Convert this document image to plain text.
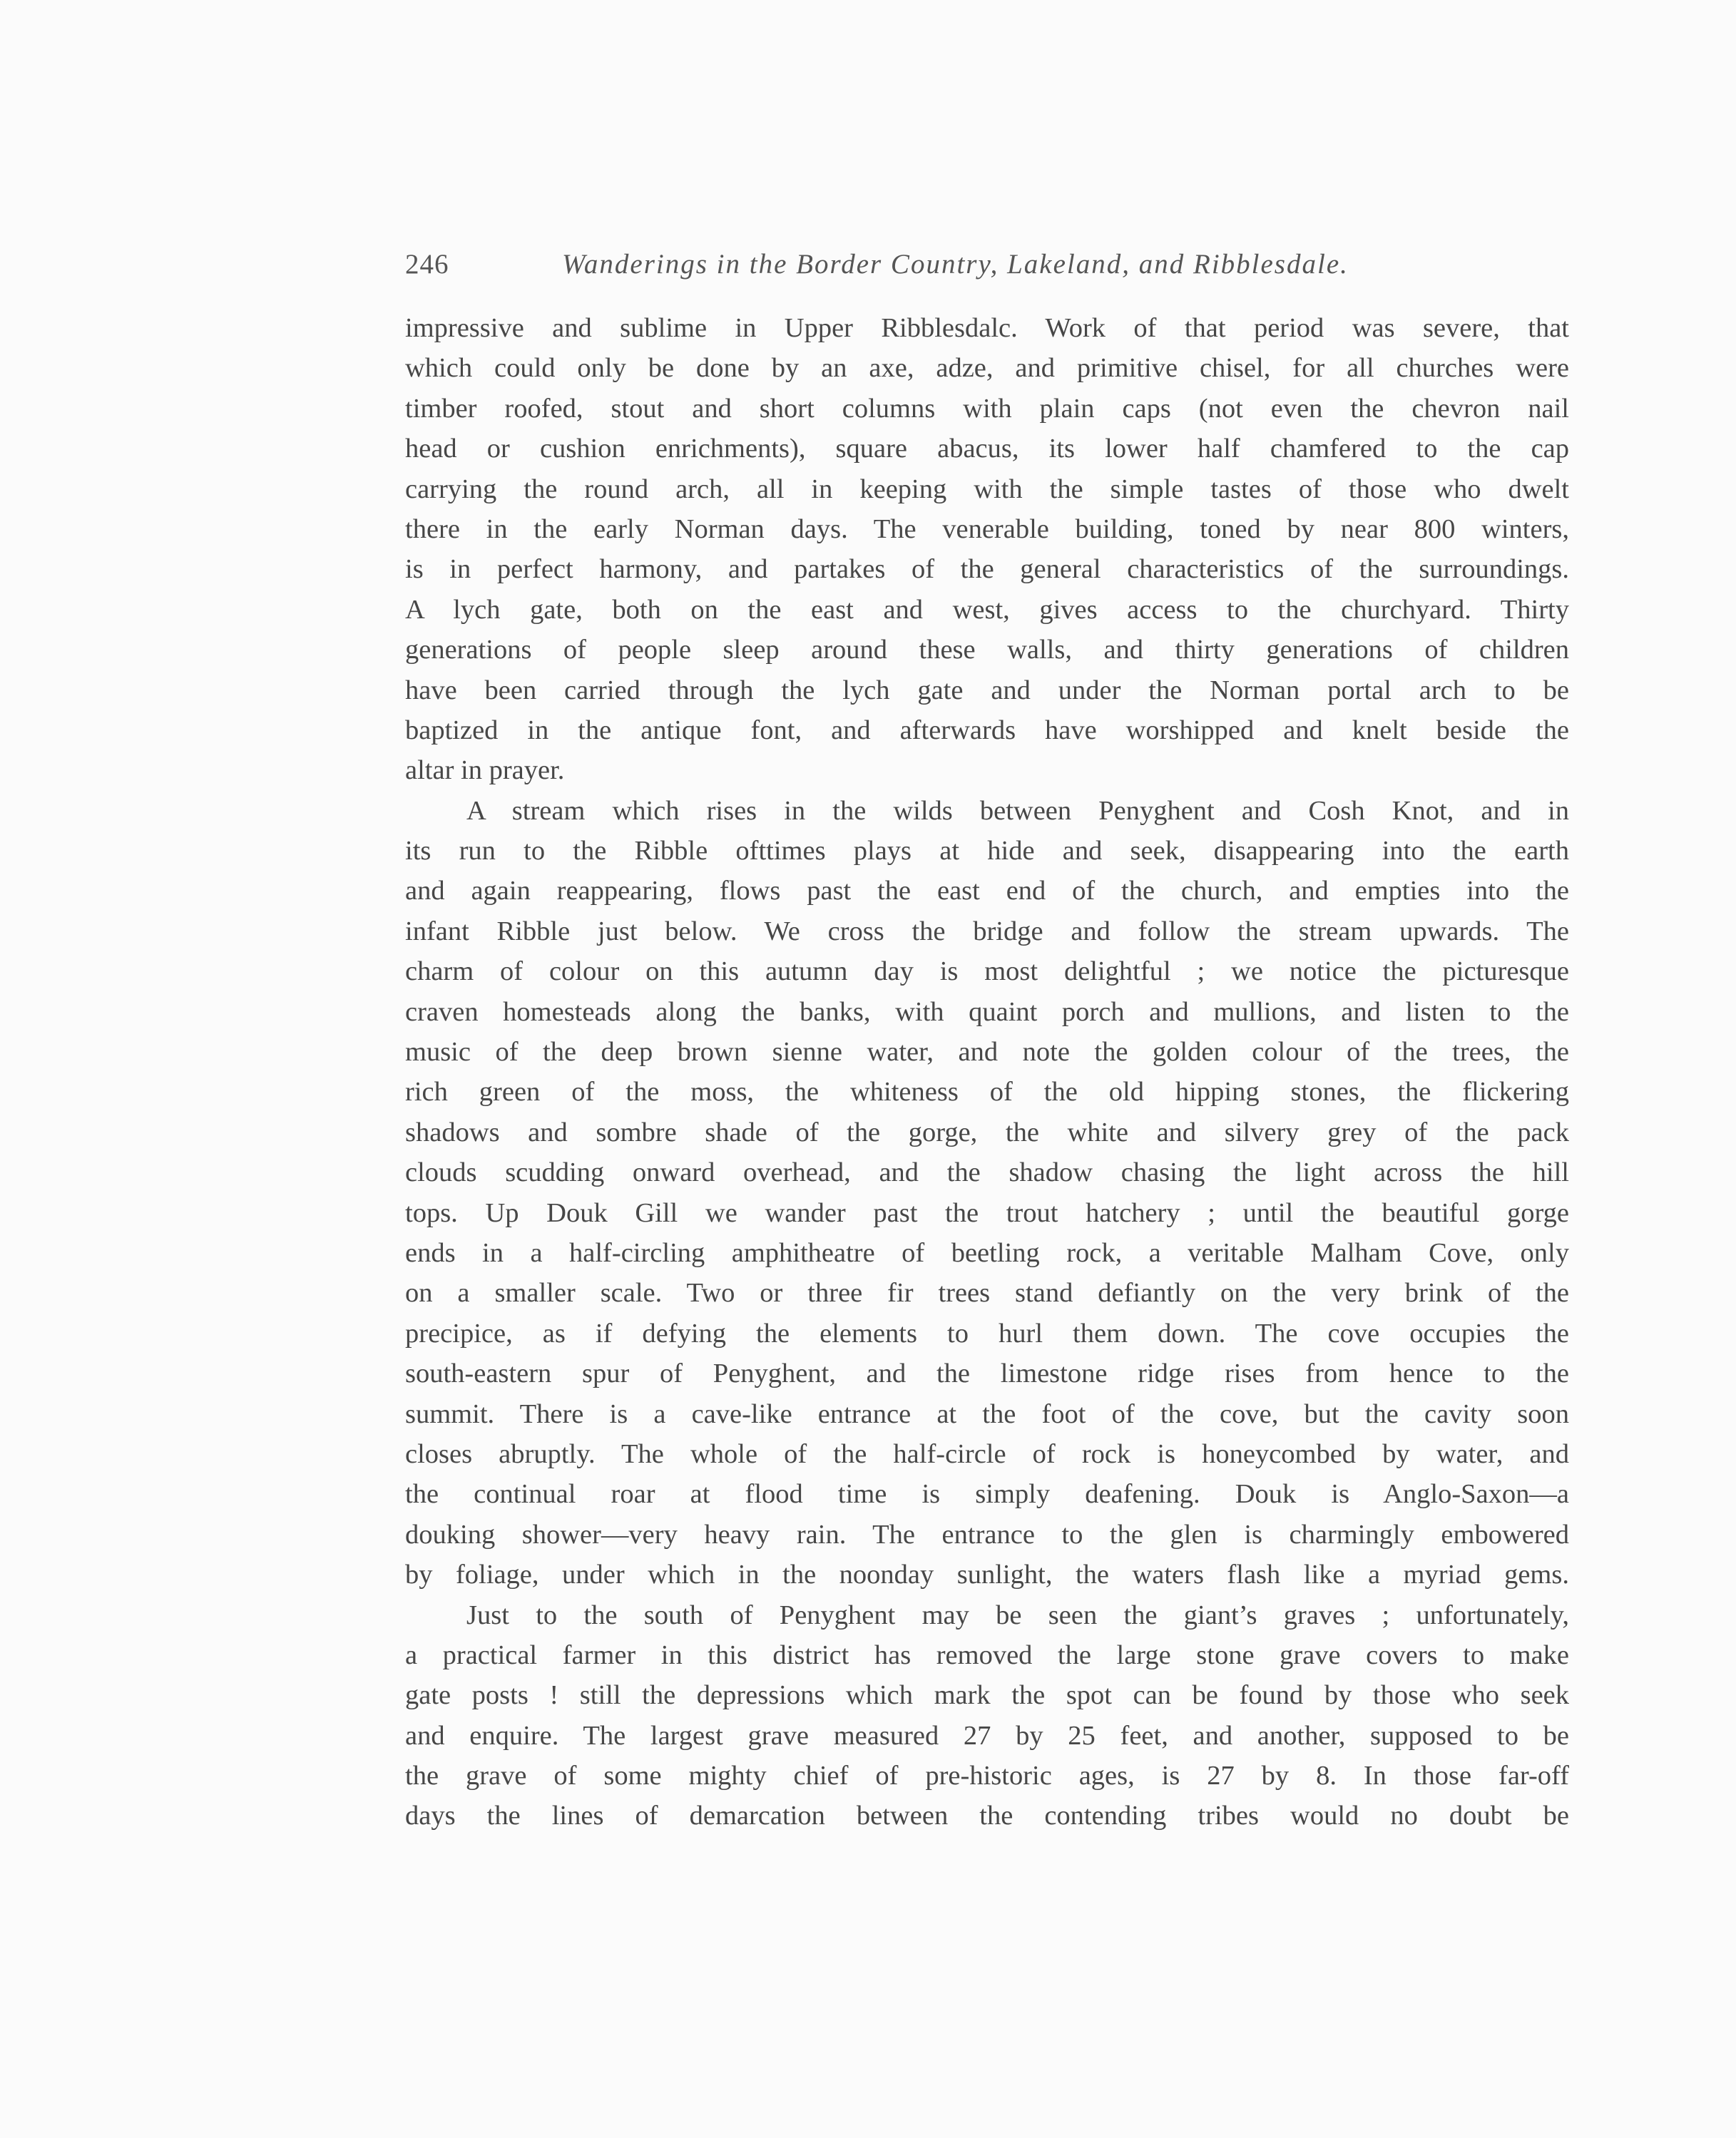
246	Wanderings in the Border Country, Lakeland, and Ribblesdale.
impressive and sublime in Upper Ribblesdalc. Work of that period was severe, that
which could only be done by an axe, adze, and primitive chisel, for all churches were
timber roofed, stout and short columns with plain caps (not even the chevron nail
head or cushion enrichments), square abacus, its lower half chamfered to the cap
carrying the round arch, all in keeping with the simple tastes of those who dwelt
there in the early Norman days. The venerable building, toned by near 800 winters,
is in perfect harmony, and partakes of the general characteristics of the surroundings.
A lych gate, both on the east and west, gives access to the churchyard. Thirty
generations of people sleep around these walls, and thirty generations of children
have been carried through the lych gate and under the Norman portal arch to be
baptized in the antique font, and afterwards have worshipped and knelt beside the
altar in prayer.
A stream which rises in the wilds between Penyghent and Cosh Knot, and in
its run to the Ribble ofttimes plays at hide and seek, disappearing into the earth
and again reappearing, flows past the east end of the church, and empties into the
infant Ribble just below. We cross the bridge and follow the stream upwards. The
charm of colour on this autumn day is most delightful ; we notice the picturesque
craven homesteads along the banks, with quaint porch and mullions, and listen to the
music of the deep brown sienne water, and note the golden colour of the trees, the
rich green of the moss, the whiteness of the old hipping stones, the flickering
shadows and sombre shade of the gorge, the white and silvery grey of the pack
clouds scudding onward overhead, and the shadow chasing the light across the hill
tops. Up Douk Gill we wander past the trout hatchery ; until the beautiful gorge
ends in a half-circling amphitheatre of beetling rock, a veritable Malham Cove, only
on a smaller scale. Two or three fir trees stand defiantly on the very brink of the
precipice, as if defying the elements to hurl them down. The cove occupies the
south-eastern spur of Penyghent, and the limestone ridge rises from hence to the
summit. There is a cave-like entrance at the foot of the cove, but the cavity soon
closes abruptly. The whole of the half-circle of rock is honeycombed by water, and
the continual roar at flood time is simply deafening. Douk is Anglo-Saxon—a
douking shower—very heavy rain. The entrance to the glen is charmingly embowered
by foliage, under which in the noonday sunlight, the waters flash like a myriad gems.
Just to the south of Penyghent may be seen the giant’s graves ; unfortunately,
a practical farmer in this district has removed the large stone grave covers to make
gate posts ! still the depressions which mark the spot can be found by those who seek
and enquire. The largest grave measured 27 by 25 feet, and another, supposed to be
the grave of some mighty chief of pre-historic ages, is 27 by 8. In those far-off
days the lines of demarcation between the contending tribes would no doubt be
